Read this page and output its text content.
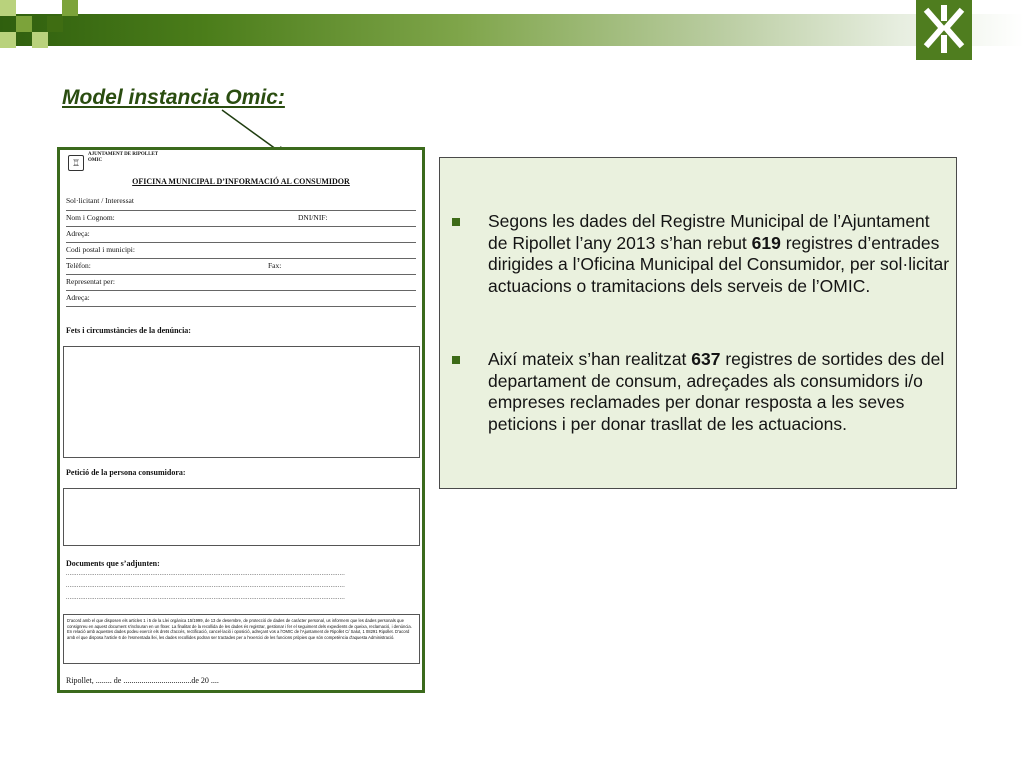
Model instancia Omic:
♖
AJUNTAMENT DE RIPOLLET
OMIC
OFICINA MUNICIPAL D’INFORMACIÓ AL CONSUMIDOR
Sol·licitant / Interessat
Nom i Cognom:	DNI/NIF:
Adreça:
Codi postal i municipi:
Telèfon:	Fax:
Representat per:
Adreça:
Fets i circumstàncies de la denúncia:
Petició de la persona consumidora:
Documents que s’adjunten:
...........................................................................................................................................................
...........................................................................................................................................................
...........................................................................................................................................................
D'acord amb el que disposen els articles 1 i 5 de la Llei orgànica 15/1999, de 13 de desembre, de protecció de dades de caràcter personal, us informem que les dades personals que consignreu en aquest document s'inclouran en un fitxer. La finalitat de la recollida de les dades és registrar, gestionar i fer el seguiment dels expedients de queixa, reclamació, i denúncia. En relació amb aquestes dades podeu exercir els drets d'accés, rectificació, cancel·lació i oposició, adreçant vos a l'OMIC de l'Ajuntament de Ripollet C/ Salut, 1 08291 Ripollet. D'acord amb el que disposa l'article 6 de l'esmentada llei, les dades recollides podran ser tractades per a l'exercici de les funcions pròpies que són competència d'aquesta Administració.
Ripollet, ........ de ..................................de 20 ....
Segons les dades del Registre Municipal de l’Ajuntament de Ripollet l’any 2013 s’han rebut 619 registres d’entrades dirigides a l’Oficina Municipal del Consumidor, per sol·licitar actuacions o tramitacions dels serveis de l’OMIC.
Així mateix s’han realitzat 637 registres de sortides des del departament de consum, adreçades als consumidors i/o empreses reclamades per donar resposta a les seves peticions i per donar trasllat de les actuacions.
